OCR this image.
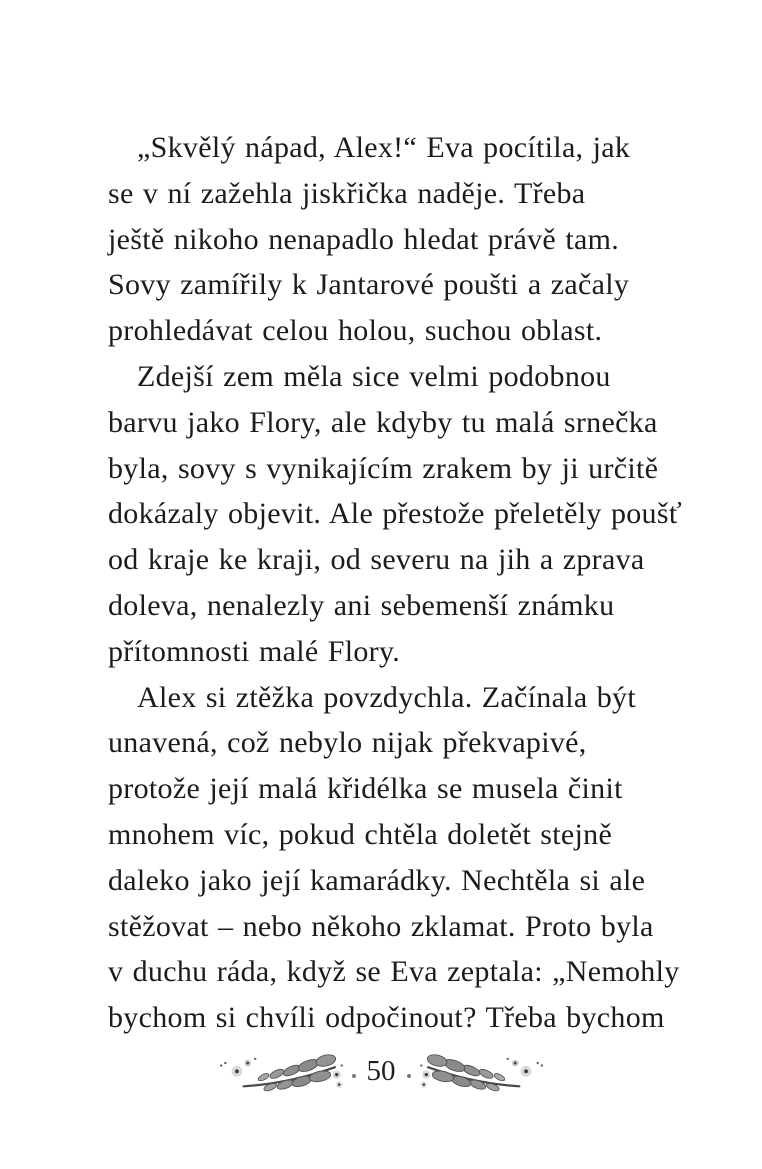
„Skvělý nápad, Alex!“ Eva pocítila, jak
se v ní zažehla jiskřička naděje. Třeba
ještě nikoho nenapadlo hledat právě tam.
Sovy zamířily k Jantarové poušti a začaly
prohledávat celou holou, suchou oblast.

Zdejší zem měla sice velmi podobnou
barvu jako Flory, ale kdyby tu malá srnečka
byla, sovy s vynikajícím zrakem by ji určitě
dokázaly objevit. Ale přestože přeletěly poušť
od kraje ke kraji, od severu na jih a zprava
doleva, nenalezly ani sebemenší známku
přítomnosti malé Flory.

Alex si ztěžka povzdychla. Začínala být
unavená, což nebylo nijak překvapivé,
protože její malá křidélka se musela činit
mnohem víc, pokud chtěla doletět stejně
daleko jako její kamarádky. Nechtěla si ale
stěžovat – nebo někoho zklamat. Proto byla
v duchu ráda, když se Eva zeptala: „Nemohly
bychom si chvíli odpočinout? Třeba bychom

50
